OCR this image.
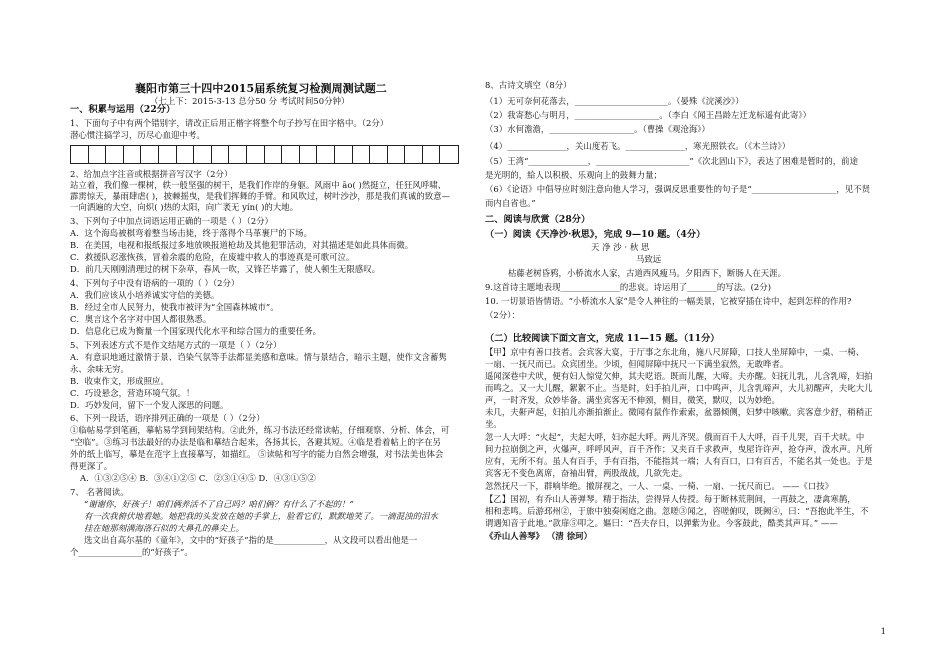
襄阳市第三十四中2015届系统复习检测周测试题二
（七上下：2015-3-13 总分50 分 考试时间50分钟）
一、积累与运用（22分）
1、下面句子中有两个错别字，请改正后用正楷字将整个句子抄写在田字格中。（2分）
潜心惯注搞学习，历尽心血迎中考。
2、给加点字注音或根据拼音写汉字（2分）
站立着，我们像一棵树，轶一般坚强的树干，是我们作岸的身躯。风雨中 āo( )然挺立，任狂风呼啸、
霹雳惊天，暴雨肆虐( )，披棘摇曳，是我们挥舞的手臂。和风吹过，树叶沙沙，那是我们真诚的致意—
一向洒遍的大空，向炽( )热的太阳，向广袤无 yín( )的大地。
3、下列句子中加点词语运用正确的一项是（ ）（2分）
A．这个海岛被棋弯着整当场击毙，终于落得个马革裹尸的下场。
B．在美国，电视和报纸报过多地放映报道枪劫及其他犯罪活动，对其描述是如此具体而微。
C．救援队忍涨恢孩，冒着余震的危险，在废墟中救人的事迹真是可歌可泣。
D．前几天刚刚清理过的树下杂草，春风一吹，又锋芒毕露了，使人顿生无限感叹。
4、下列句子中没有语病的一项的（ ）（2分）
A．我们应该从小培养诚实守信的美德。
B．经过全市人民努力，使我市被评为“全国森林城市”。
C．奥言这个名字对中国人都很熟悉。
D．信息化已成为衡量一个国家现代化水平和综合国力的重要任务。
5、下列表述方式不是作文结尾方式的一项是（ ）（2分）
A．有意识地通过激情于景、诌染气氛等手法都显美感和意味。情与景结合，暗示主题，使作文含蓄隽
永、余味无穷。
B．收束作文，形成照应。
C．巧设悬念，营造环境气氛。！
D．巧妙发问，留下一个发人深思的问题。
6、下列一段话，语序排列正确的一项是（ ）（2分）
①临帖易学到笔画，摹帖易学到间架结构。②此外，练习书法还经常读帖，仔细观察、分析、体会，可
“空临”。③练习书法最好的办法是临和摹结合起来，各扬其长，各避其短。④临是看着帖上的字在另
外的纸上临写，摹是在范字上直接摹写，如描红。 ⑤读帖和写字的能力自然会增强，对书法美也体会
得更深了。
A．①③②⑤④ B．③④①②⑤ C．②③①④⑤ D．④③①⑤②
7、 名著阅读。
“谢谢你，好孩子！咱们俩养活不了自己吗？咱们俩？有什么了不起的！”
有一次我俯伏地看她。她把我的头发放在她的手掌上，脸看它们，默默地笑了。一滴混浊的泪水
挂在她那刻满海洛石似的大鼻孔的鼻尖上。
选文出自高尔基的《童年》，文中的“好孩子”指的是____________，从文段可以看出他是一
个_______________的“好孩子”。
8、古诗文填空（8分）
（1）无可奈何花落去，______________________。（晏殊《浣溪沙》）
（2）我寄愁心与明月，____________________。（李白《闻王昌龄左迁龙标遥有此寄》）
（3）水何澹澹，____________________。（曹操《观沧海》）
（4）______________，关山度若飞。______________，寒光照铁衣。（《木兰诗》）
（5）王湾“______________，______________________”《次北固山下》，表达了困难是暂时的，前途
是光明的，給人以积极、乐观向上的鼓舞力量；
（6）《论语》中倡导应时刻注意向他人学习，强调反思重要性的句子是“____________________，见不贤
而内自省也。”
二、阅读与欣赏（28分）
（一）阅读《天净沙·秋思》，完成 9—10 题。（4分）
天 净 沙 · 秋 思
马致远
枯藤老树昏鸦，小桥流水人家，古道西风瘦马。夕阳西下，断肠人在天涯。
9.这首诗主题地表现______________的悲哀。诗运用了_______的写法。(2分)
10. 一切景语皆情语。“小桥流水人家”是令人神往的一幅美景，它被穿插在诗中，起到怎样的作用?
（2分）：
（二）比较阅读下面文言文，完成 11—15 题。（11分）
【甲】京中有善口技者。会宾客大宴，于厅事之东北角，施八尺屏障，口技人坐屏障中，一桌、一椅、
一扇、一抚尺而已。众宾团坐。少顷，但闻屏障中抚尺一下满坐寂然，无敢哗者。
遥闻深巷中犬吠，便有妇人惊觉欠伸，其夫呓语。既而儿醒，大啼。夫亦醒。妇抚儿乳，儿含乳啼，妇拍
而鸣之。又一大儿醒，絮絮不止。当是时，妇手拍儿声，口中鸣声，儿含乳啼声，大儿初醒声，夫叱大儿
声，一时齐发，众妙毕备。满坐宾客无不伸颈，侧目，微笑，默叹，以为妙绝。
未几，夫鼾声起，妇拍儿亦渐拍渐止。微闻有鼠作作索索，盆器倾侧，妇梦中咳嗽。宾客意少舒，稍稍正
坐。
忽一人大呼：“火起”，夫起大呼，妇亦起大呼。两儿齐哭。俄而百千人大呼，百千儿哭，百千犬吠。中
间力拉崩倒之声，火爆声，呼呼风声，百千齐作；又夹百千求救声，曳屋许许声，抢夺声，泼水声。凡所
应有，无所不有。虽人有百手，手有百指，不能指其一端；人有百口，口有百舌，不能名其一处也。于是
宾客无不变色离席，奋袖出臂，两股战战，几欲先走。
忽然抚尺一下，群响毕绝。撤屏视之，一人、一桌、一椅、一扇、一抚尺而已。 ——《口技》
【乙】国初，有乔山人善弹琴。精于指法，尝得异人传授。每于断林荒荆间，一再鼓之，凄禽寒鹊，
相和悲鸣。后游邳州②，于旅中独奏闲庭之曲。忽嗟③闻之，咨嗟俯叹，既阙④，曰：“吾抱此半生，不
谓遇知音于此地。”款扉⑤叩之。嫗曰：“吾夫存日，以弹紫为业。今客鼓此，酷类其声耳。” ——
《乔山人善琴》 （清 徐珂）
1
